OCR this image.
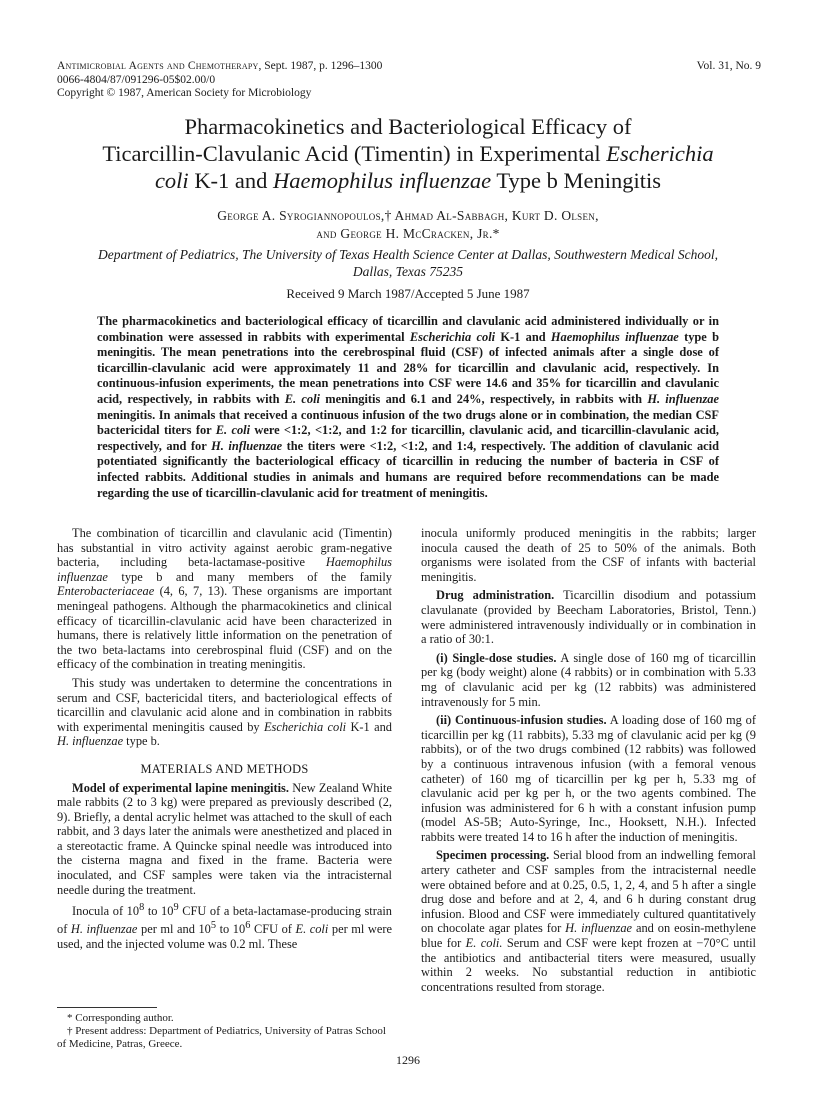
Antimicrobial Agents and Chemotherapy, Sept. 1987, p. 1296–1300
0066-4804/87/091296-05$02.00/0
Copyright © 1987, American Society for Microbiology
Vol. 31, No. 9
Pharmacokinetics and Bacteriological Efficacy of
Ticarcillin-Clavulanic Acid (Timentin) in Experimental Escherichia
coli K-1 and Haemophilus influenzae Type b Meningitis
George A. Syrogiannopoulos,† Ahmad Al-Sabbagh, Kurt D. Olsen,
and George H. McCracken, Jr.*
Department of Pediatrics, The University of Texas Health Science Center at Dallas, Southwestern Medical School,
Dallas, Texas 75235
Received 9 March 1987/Accepted 5 June 1987
The pharmacokinetics and bacteriological efficacy of ticarcillin and clavulanic acid administered individually or in combination were assessed in rabbits with experimental Escherichia coli K-1 and Haemophilus influenzae type b meningitis. The mean penetrations into the cerebrospinal fluid (CSF) of infected animals after a single dose of ticarcillin-clavulanic acid were approximately 11 and 28% for ticarcillin and clavulanic acid, respectively. In continuous-infusion experiments, the mean penetrations into CSF were 14.6 and 35% for ticarcillin and clavulanic acid, respectively, in rabbits with E. coli meningitis and 6.1 and 24%, respectively, in rabbits with H. influenzae meningitis. In animals that received a continuous infusion of the two drugs alone or in combination, the median CSF bactericidal titers for E. coli were <1:2, <1:2, and 1:2 for ticarcillin, clavulanic acid, and ticarcillin-clavulanic acid, respectively, and for H. influenzae the titers were <1:2, <1:2, and 1:4, respectively. The addition of clavulanic acid potentiated significantly the bacteriological efficacy of ticarcillin in reducing the number of bacteria in CSF of infected rabbits. Additional studies in animals and humans are required before recommendations can be made regarding the use of ticarcillin-clavulanic acid for treatment of meningitis.

The combination of ticarcillin and clavulanic acid (Timentin) has substantial in vitro activity against aerobic gram-negative bacteria, including beta-lactamase-positive Haemophilus influenzae type b and many members of the family Enterobacteriaceae (4, 6, 7, 13). These organisms are important meningeal pathogens. Although the pharmacokinetics and clinical efficacy of ticarcillin-clavulanic acid have been characterized in humans, there is relatively little information on the penetration of the two beta-lactams into cerebrospinal fluid (CSF) and on the efficacy of the combination in treating meningitis.

This study was undertaken to determine the concentrations in serum and CSF, bactericidal titers, and bacteriological effects of ticarcillin and clavulanic acid alone and in combination in rabbits with experimental meningitis caused by Escherichia coli K-1 and H. influenzae type b.

MATERIALS AND METHODS

Model of experimental lapine meningitis. New Zealand White male rabbits (2 to 3 kg) were prepared as previously described (2, 9). Briefly, a dental acrylic helmet was attached to the skull of each rabbit, and 3 days later the animals were anesthetized and placed in a stereotactic frame. A Quincke spinal needle was introduced into the cisterna magna and fixed in the frame. Bacteria were inoculated, and CSF samples were taken via the intracisternal needle during the treatment.

Inocula of $10^8$ to $10^9$ CFU of a beta-lactamase-producing strain of H. influenzae per ml and $10^5$ to $10^6$ CFU of E. coli per ml were used, and the injected volume was 0.2 ml. These

inocula uniformly produced meningitis in the rabbits; larger inocula caused the death of 25 to 50% of the animals. Both organisms were isolated from the CSF of infants with bacterial meningitis.

Drug administration. Ticarcillin disodium and potassium clavulanate (provided by Beecham Laboratories, Bristol, Tenn.) were administered intravenously individually or in combination in a ratio of 30:1.

(i) Single-dose studies. A single dose of 160 mg of ticarcillin per kg (body weight) alone (4 rabbits) or in combination with 5.33 mg of clavulanic acid per kg (12 rabbits) was administered intravenously for 5 min.

(ii) Continuous-infusion studies. A loading dose of 160 mg of ticarcillin per kg (11 rabbits), 5.33 mg of clavulanic acid per kg (9 rabbits), or of the two drugs combined (12 rabbits) was followed by a continuous intravenous infusion (with a femoral venous catheter) of 160 mg of ticarcillin per kg per h, 5.33 mg of clavulanic acid per kg per h, or the two agents combined. The infusion was administered for 6 h with a constant infusion pump (model AS-5B; Auto-Syringe, Inc., Hooksett, N.H.). Infected rabbits were treated 14 to 16 h after the induction of meningitis.

Specimen processing. Serial blood from an indwelling femoral artery catheter and CSF samples from the intracisternal needle were obtained before and at 0.25, 0.5, 1, 2, 4, and 5 h after a single drug dose and before and at 2, 4, and 6 h during constant drug infusion. Blood and CSF were immediately cultured quantitatively on chocolate agar plates for H. influenzae and on eosin-methylene blue for E. coli. Serum and CSF were kept frozen at −70°C until the antibiotics and antibacterial titers were measured, usually within 2 weeks. No substantial reduction in antibiotic concentrations resulted from storage.

* Corresponding author.
† Present address: Department of Pediatrics, University of Patras School of Medicine, Patras, Greece.
1296
